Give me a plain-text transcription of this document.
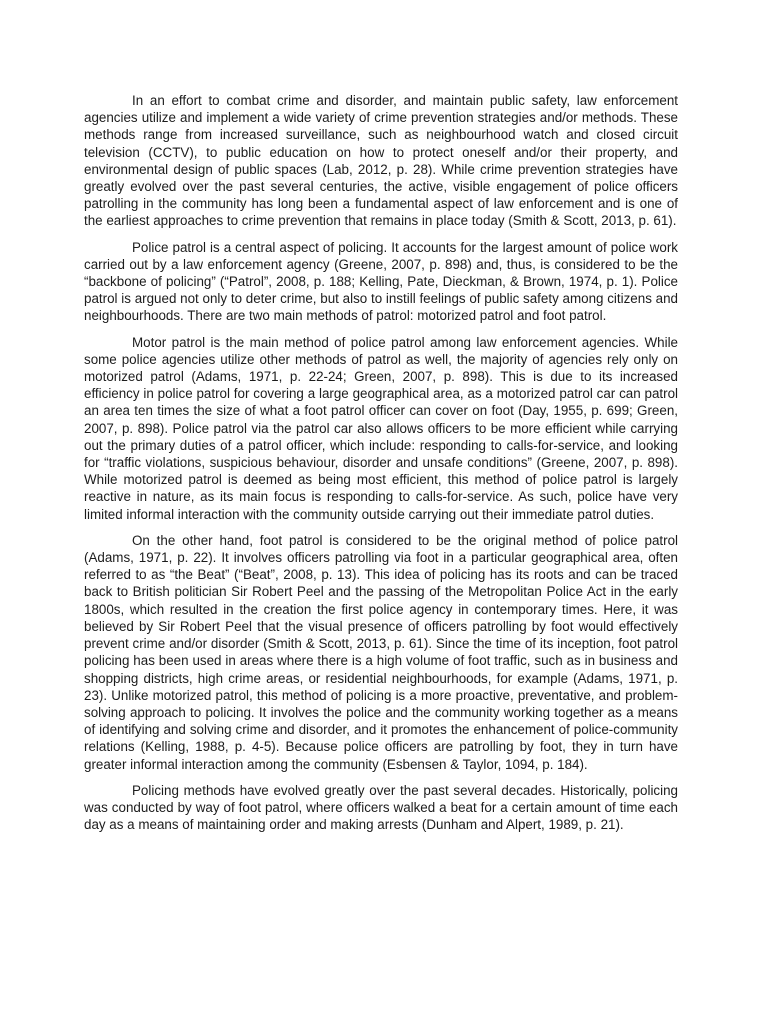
In an effort to combat crime and disorder, and maintain public safety, law enforcement agencies utilize and implement a wide variety of crime prevention strategies and/or methods. These methods range from increased surveillance, such as neighbourhood watch and closed circuit television (CCTV), to public education on how to protect oneself and/or their property, and environmental design of public spaces (Lab, 2012, p. 28). While crime prevention strategies have greatly evolved over the past several centuries, the active, visible engagement of police officers patrolling in the community has long been a fundamental aspect of law enforcement and is one of the earliest approaches to crime prevention that remains in place today (Smith & Scott, 2013, p. 61).

Police patrol is a central aspect of policing. It accounts for the largest amount of police work carried out by a law enforcement agency (Greene, 2007, p. 898) and, thus, is considered to be the “backbone of policing” (“Patrol”, 2008, p. 188; Kelling, Pate, Dieckman, & Brown, 1974, p. 1). Police patrol is argued not only to deter crime, but also to instill feelings of public safety among citizens and neighbourhoods. There are two main methods of patrol: motorized patrol and foot patrol.

Motor patrol is the main method of police patrol among law enforcement agencies. While some police agencies utilize other methods of patrol as well, the majority of agencies rely only on motorized patrol (Adams, 1971, p. 22-24; Green, 2007, p. 898). This is due to its increased efficiency in police patrol for covering a large geographical area, as a motorized patrol car can patrol an area ten times the size of what a foot patrol officer can cover on foot (Day, 1955, p. 699; Green, 2007, p. 898). Police patrol via the patrol car also allows officers to be more efficient while carrying out the primary duties of a patrol officer, which include: responding to calls-for-service, and looking for “traffic violations, suspicious behaviour, disorder and unsafe conditions” (Greene, 2007, p. 898). While motorized patrol is deemed as being most efficient, this method of police patrol is largely reactive in nature, as its main focus is responding to calls-for-service. As such, police have very limited informal interaction with the community outside carrying out their immediate patrol duties.

On the other hand, foot patrol is considered to be the original method of police patrol (Adams, 1971, p. 22). It involves officers patrolling via foot in a particular geographical area, often referred to as “the Beat” (“Beat”, 2008, p. 13). This idea of policing has its roots and can be traced back to British politician Sir Robert Peel and the passing of the Metropolitan Police Act in the early 1800s, which resulted in the creation the first police agency in contemporary times. Here, it was believed by Sir Robert Peel that the visual presence of officers patrolling by foot would effectively prevent crime and/or disorder (Smith & Scott, 2013, p. 61). Since the time of its inception, foot patrol policing has been used in areas where there is a high volume of foot traffic, such as in business and shopping districts, high crime areas, or residential neighbourhoods, for example (Adams, 1971, p. 23). Unlike motorized patrol, this method of policing is a more proactive, preventative, and problem-solving approach to policing. It involves the police and the community working together as a means of identifying and solving crime and disorder, and it promotes the enhancement of police-community relations (Kelling, 1988, p. 4-5). Because police officers are patrolling by foot, they in turn have greater informal interaction among the community (Esbensen & Taylor, 1094, p. 184).

Policing methods have evolved greatly over the past several decades. Historically, policing was conducted by way of foot patrol, where officers walked a beat for a certain amount of time each day as a means of maintaining order and making arrests (Dunham and Alpert, 1989, p. 21).
